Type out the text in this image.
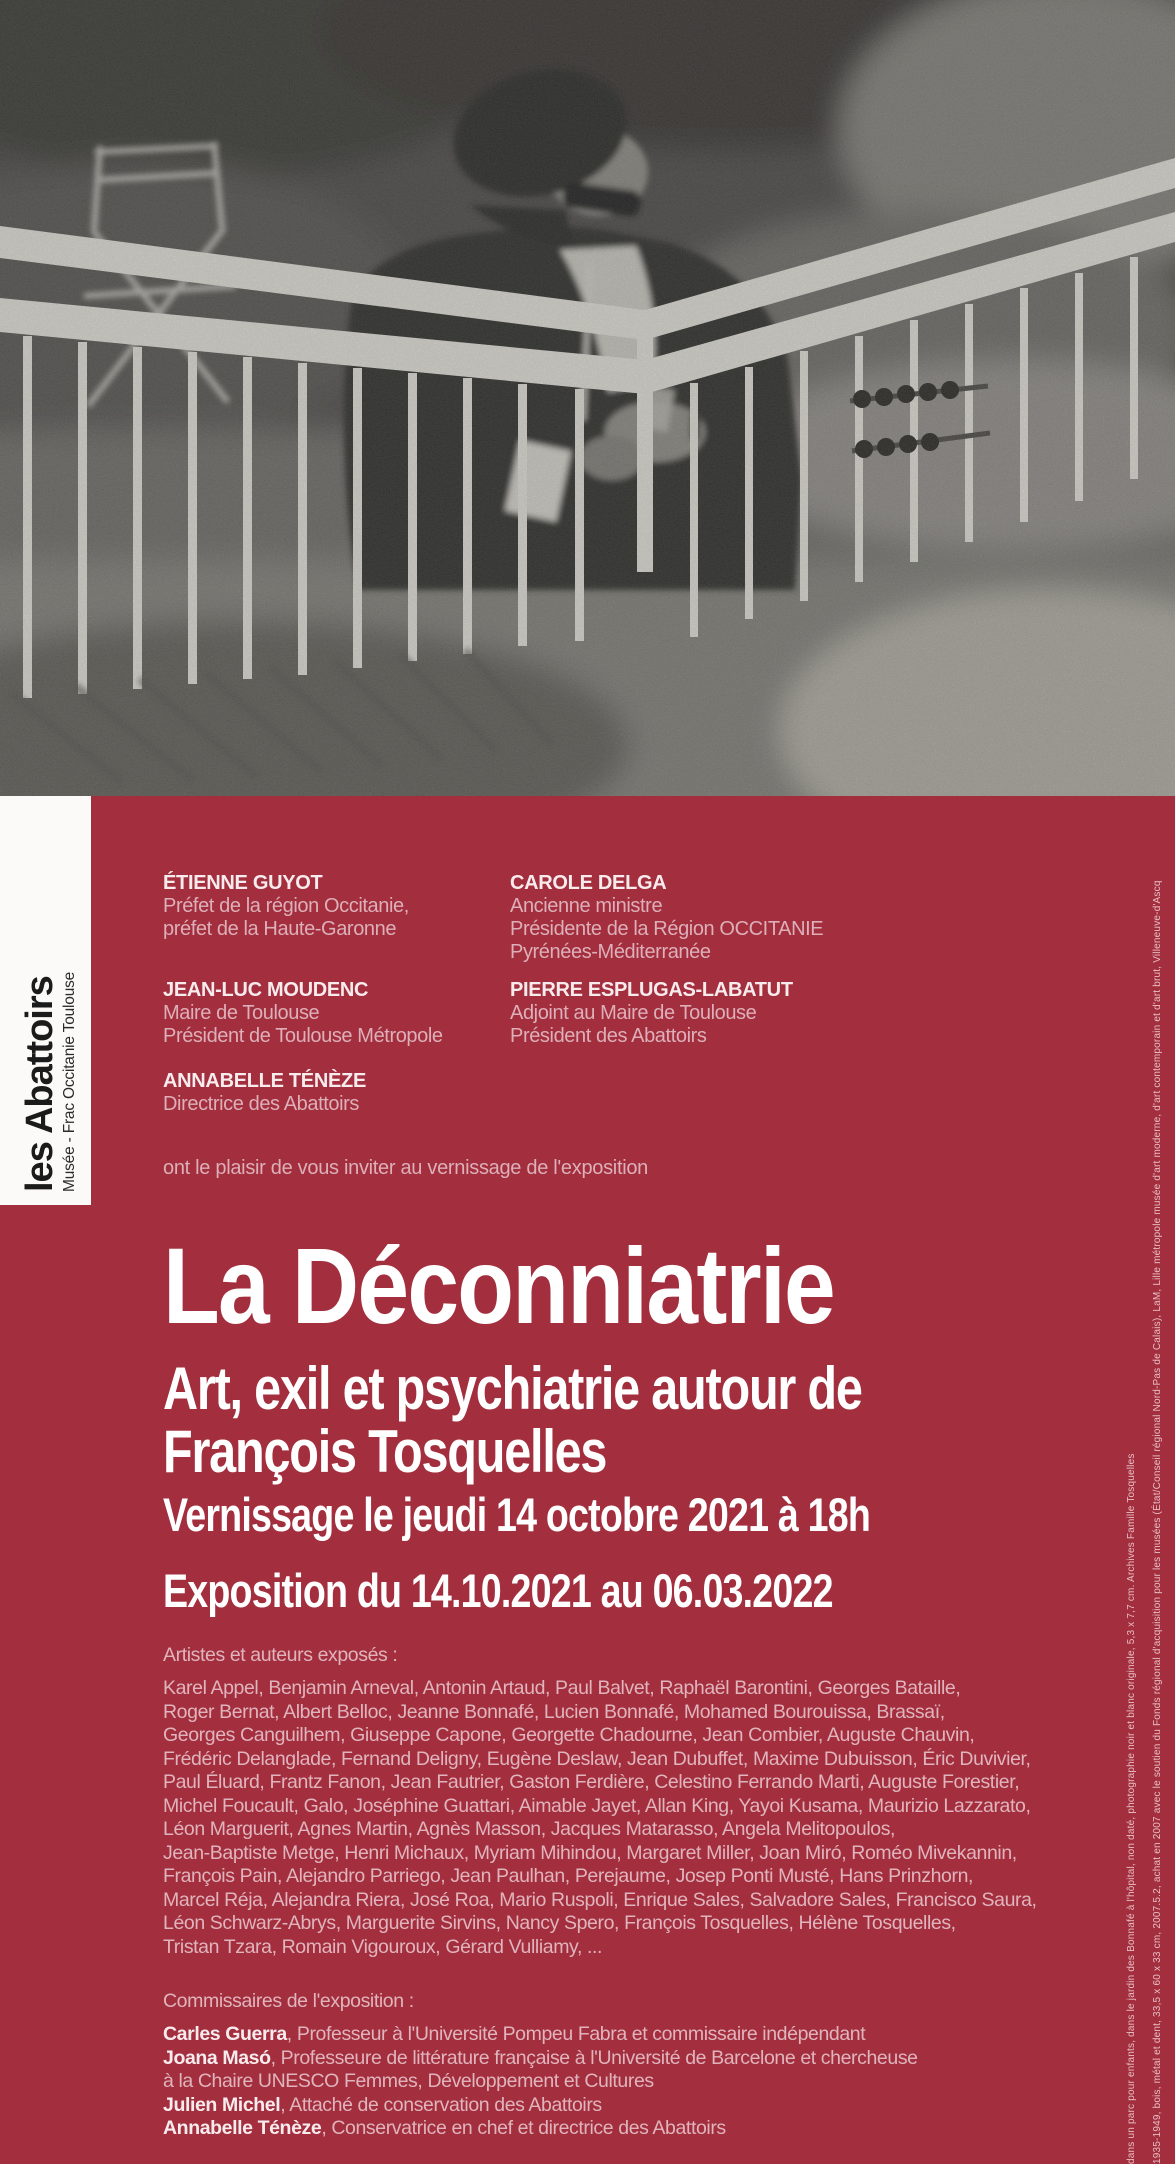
les Abattoirs Musée - Frac Occitanie Toulouse
ÉTIENNE GUYOT
Préfet de la région Occitanie,
préfet de la Haute-Garonne
JEAN-LUC MOUDENC
Maire de Toulouse
Président de Toulouse Métropole
ANNABELLE TÉNÈZE
Directrice des Abattoirs
CAROLE DELGA
Ancienne ministre
Présidente de la Région OCCITANIE
Pyrénées-Méditerranée
PIERRE ESPLUGAS-LABATUT
Adjoint au Maire de Toulouse
Président des Abattoirs
ont le plaisir de vous inviter au vernissage de l'exposition
La Déconniatrie
Art, exil et psychiatrie autour de
François Tosquelles
Vernissage le jeudi 14 octobre 2021 à 18h
Exposition du 14.10.2021 au 06.03.2022
Artistes et auteurs exposés :
Karel Appel, Benjamin Arneval, Antonin Artaud, Paul Balvet, Raphaël Barontini, Georges Bataille,
Roger Bernat, Albert Belloc, Jeanne Bonnafé, Lucien Bonnafé, Mohamed Bourouissa, Brassaï,
Georges Canguilhem, Giuseppe Capone, Georgette Chadourne, Jean Combier, Auguste Chauvin,
Frédéric Delanglade, Fernand Deligny, Eugène Deslaw, Jean Dubuffet, Maxime Dubuisson, Éric Duvivier,
Paul Éluard, Frantz Fanon, Jean Fautrier, Gaston Ferdière, Celestino Ferrando Marti, Auguste Forestier,
Michel Foucault, Galo, Joséphine Guattari, Aimable Jayet, Allan King, Yayoi Kusama, Maurizio Lazzarato,
Léon Marguerit, Agnes Martin, Agnès Masson, Jacques Matarasso, Angela Melitopoulos,
Jean-Baptiste Metge, Henri Michaux, Myriam Mihindou, Margaret Miller, Joan Miró, Roméo Mivekannin,
François Pain, Alejandro Parriego, Jean Paulhan, Perejaume, Josep Ponti Musté, Hans Prinzhorn,
Marcel Réja, Alejandra Riera, José Roa, Mario Ruspoli, Enrique Sales, Salvadore Sales, Francisco Saura,
Léon Schwarz-Abrys, Marguerite Sirvins, Nancy Spero, François Tosquelles, Hélène Tosquelles,
Tristan Tzara, Romain Vigouroux, Gérard Vulliamy, ...
Commissaires de l'exposition :
Carles Guerra, Professeur à l'Université Pompeu Fabra et commissaire indépendant
Joana Masó, Professeure de littérature française à l'Université de Barcelone et chercheuse
à la Chaire UNESCO Femmes, Développement et Cultures
Julien Michel, Attaché de conservation des Abattoirs
Annabelle Ténèze, Conservatrice en chef et directrice des Abattoirs	dans un parc pour enfants, dans le jardin des Bonnafé à l'hôpital, non daté, photographie noir et blanc originale, 5,3 x 7,7 cm. Archives Famille Tosquelles 1935-1949, bois, métal et dent, 33,5 x 60 x 33 cm, 2007.5.2, achat en 2007 avec le soutien du Fonds régional d'acquisition pour les musées (État/Conseil régional Nord-Pas de Calais), LaM, Lille métropole musée d'art moderne, d'art contemporain et d'art brut, Villeneuve-d'Ascq
